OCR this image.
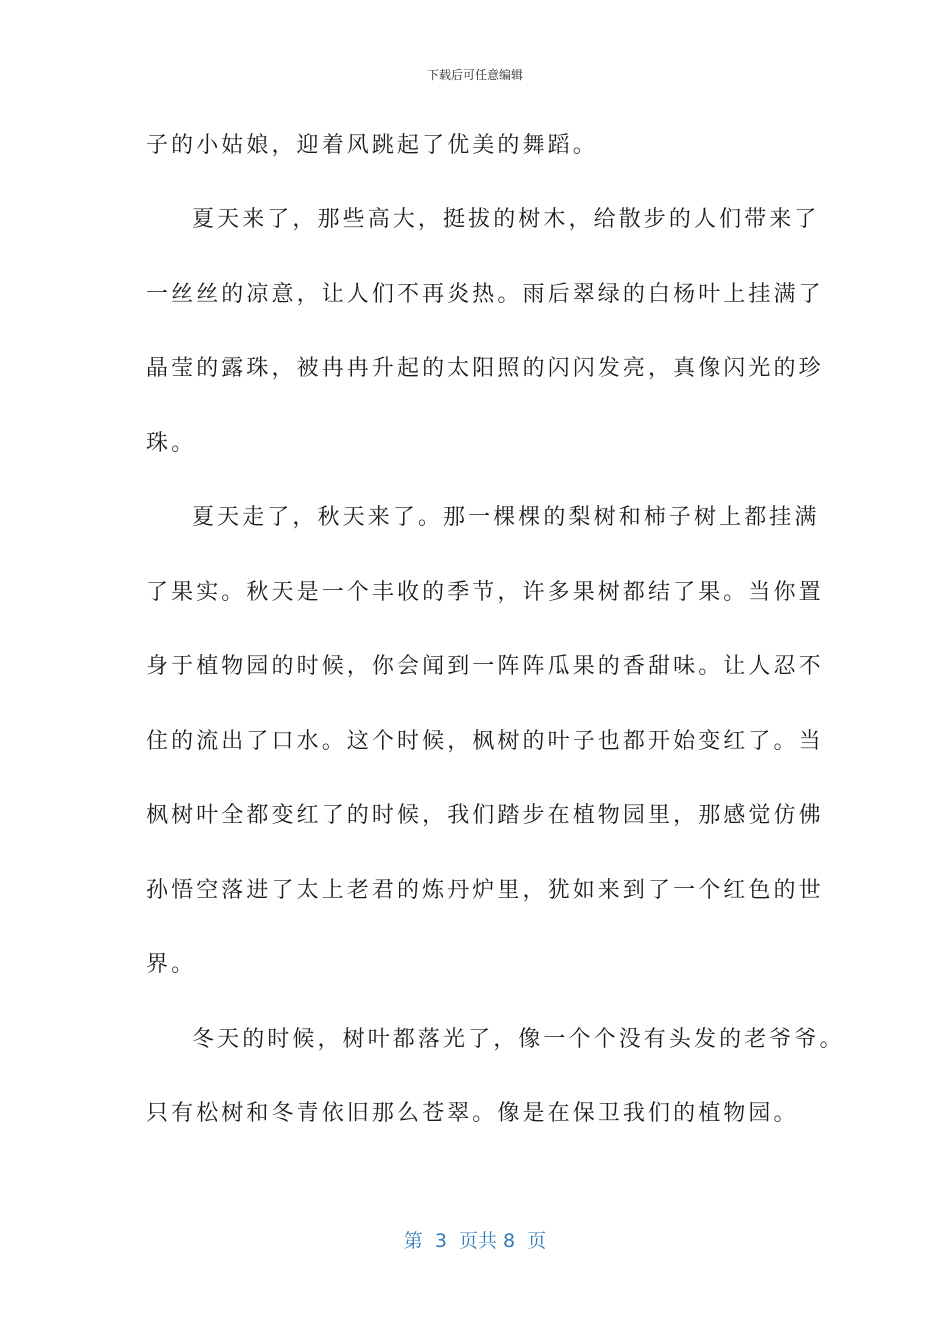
下载后可任意编辑
子的小姑娘，迎着风跳起了优美的舞蹈。
夏天来了，那些高大，挺拔的树木，给散步的人们带来了
一丝丝的凉意，让人们不再炎热。雨后翠绿的白杨叶上挂满了
晶莹的露珠，被冉冉升起的太阳照的闪闪发亮，真像闪光的珍
珠。
夏天走了，秋天来了。那一棵棵的梨树和柿子树上都挂满
了果实。秋天是一个丰收的季节，许多果树都结了果。当你置
身于植物园的时候，你会闻到一阵阵瓜果的香甜味。让人忍不
住的流出了口水。这个时候，枫树的叶子也都开始变红了。当
枫树叶全都变红了的时候，我们踏步在植物园里，那感觉仿佛
孙悟空落进了太上老君的炼丹炉里，犹如来到了一个红色的世
界。
冬天的时候，树叶都落光了，像一个个没有头发的老爷爷。
只有松树和冬青依旧那么苍翠。像是在保卫我们的植物园。
第  3  页共 8  页
